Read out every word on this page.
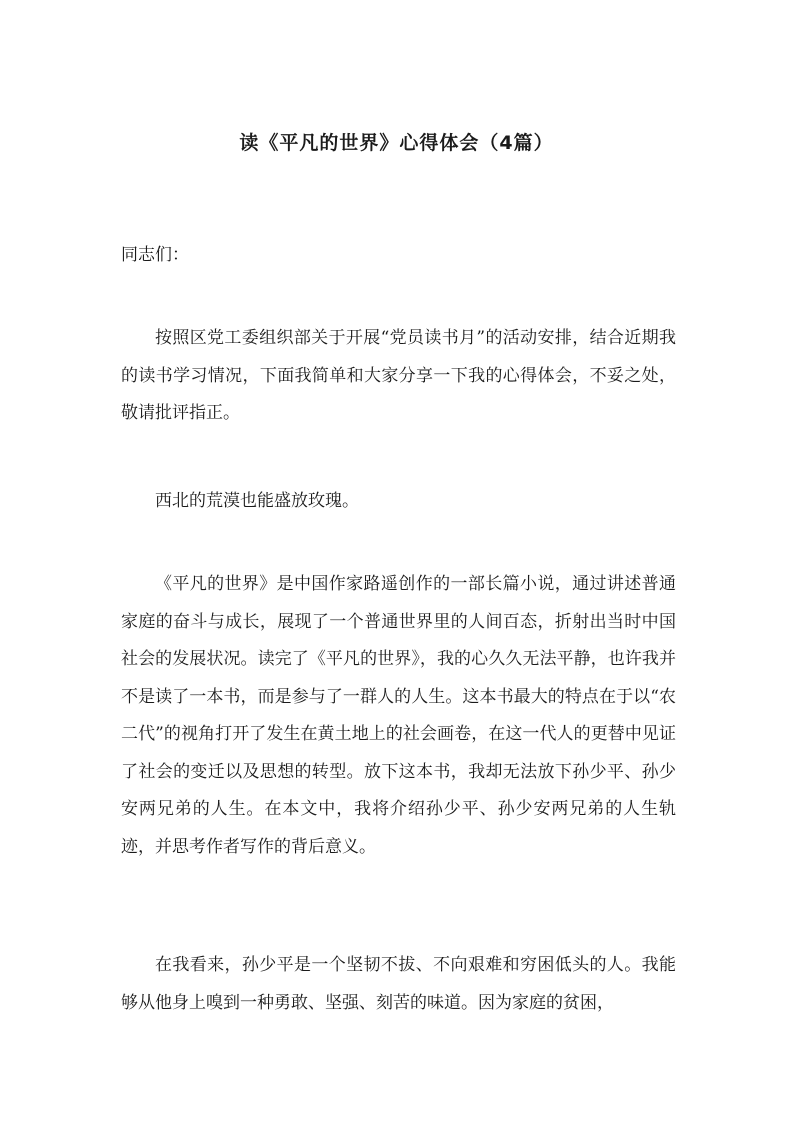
读《平凡的世界》心得体会（4篇）
同志们：

按照区党工委组织部关于开展“党员读书月”的活动安排，结合近期我的读书学习情况，下面我简单和大家分享一下我的心得体会，不妥之处，敬请批评指正。

西北的荒漠也能盛放玫瑰。

《平凡的世界》是中国作家路遥创作的一部长篇小说，通过讲述普通家庭的奋斗与成长，展现了一个普通世界里的人间百态，折射出当时中国社会的发展状况。读完了《平凡的世界》，我的心久久无法平静，也许我并不是读了一本书，而是参与了一群人的人生。这本书最大的特点在于以“农二代”的视角打开了发生在黄土地上的社会画卷，在这一代人的更替中见证了社会的变迁以及思想的转型。放下这本书，我却无法放下孙少平、孙少安两兄弟的人生。在本文中，我将介绍孙少平、孙少安两兄弟的人生轨迹，并思考作者写作的背后意义。

在我看来，孙少平是一个坚韧不拔、不向艰难和穷困低头的人。我能够从他身上嗅到一种勇敢、坚强、刻苦的味道。因为家庭的贫困，
